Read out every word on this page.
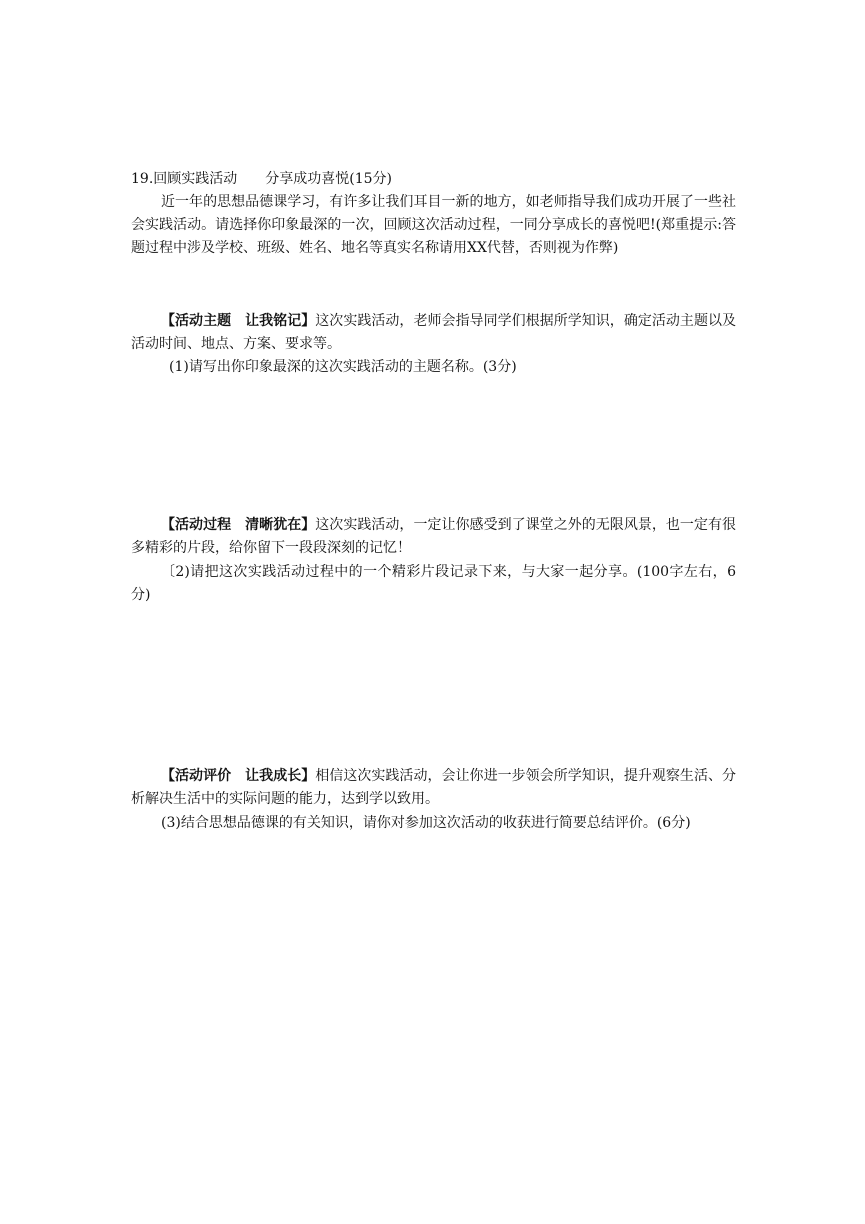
19.回顾实践活动　　分享成功喜悦(15分)

近一年的思想品德课学习，有许多让我们耳目一新的地方，如老师指导我们成功开展了一些社会实践活动。请选择你印象最深的一次，回顾这次活动过程，一同分享成长的喜悦吧!(郑重提示:答题过程中涉及学校、班级、姓名、地名等真实名称请用XX代替，否则视为作弊)

【活动主题　让我铭记】这次实践活动，老师会指导同学们根据所学知识，确定活动主题以及活动时间、地点、方案、要求等。

(1)请写出你印象最深的这次实践活动的主题名称。(3分)

【活动过程　清晰犹在】这次实践活动，一定让你感受到了课堂之外的无限风景，也一定有很多精彩的片段，给你留下一段段深刻的记忆！

〔2)请把这次实践活动过程中的一个精彩片段记录下来，与大家一起分享。(100字左右，6分)

【活动评价　让我成长】相信这次实践活动，会让你进一步领会所学知识，提升观察生活、分析解决生活中的实际问题的能力，达到学以致用。

(3)结合思想品德课的有关知识，请你对参加这次活动的收获进行简要总结评价。(6分)
